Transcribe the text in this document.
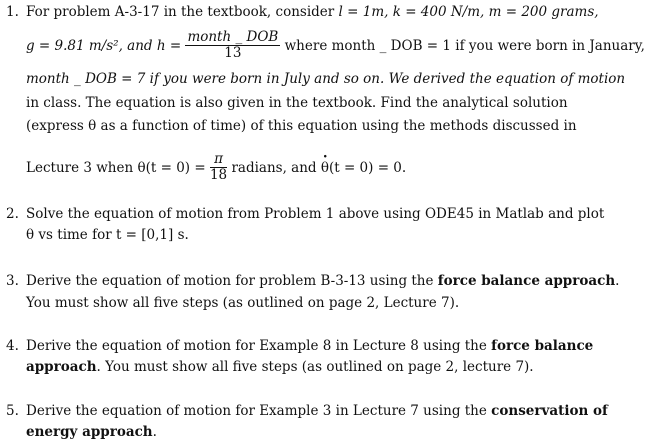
1. For problem A-3-17 in the textbook, consider l = 1m, k = 400 N/m, m = 200 grams,
g = 9.81 m/s², and $h = \frac{\text{month \_ DOB}}{13}$ where month _ DOB = 1 if you were born in January,
month _ DOB = 7 if you were born in July and so on. We derived the equation of motion
in class. The equation is also given in the textbook. Find the analytical solution
(express θ as a function of time) of this equation using the methods discussed in
Lecture 3 when $\theta(t = 0) = \frac{\pi}{18}$ radians, and · θ(t = 0) = 0.
2. Solve the equation of motion from Problem 1 above using ODE45 in Matlab and plot
θ vs time for t = [0,1] s.
3. Derive the equation of motion for problem B-3-13 using the force balance approach.
You must show all five steps (as outlined on page 2, Lecture 7).
4. Derive the equation of motion for Example 8 in Lecture 8 using the force balance
approach. You must show all five steps (as outlined on page 2, lecture 7).
5. Derive the equation of motion for Example 3 in Lecture 7 using the conservation of
energy approach.
